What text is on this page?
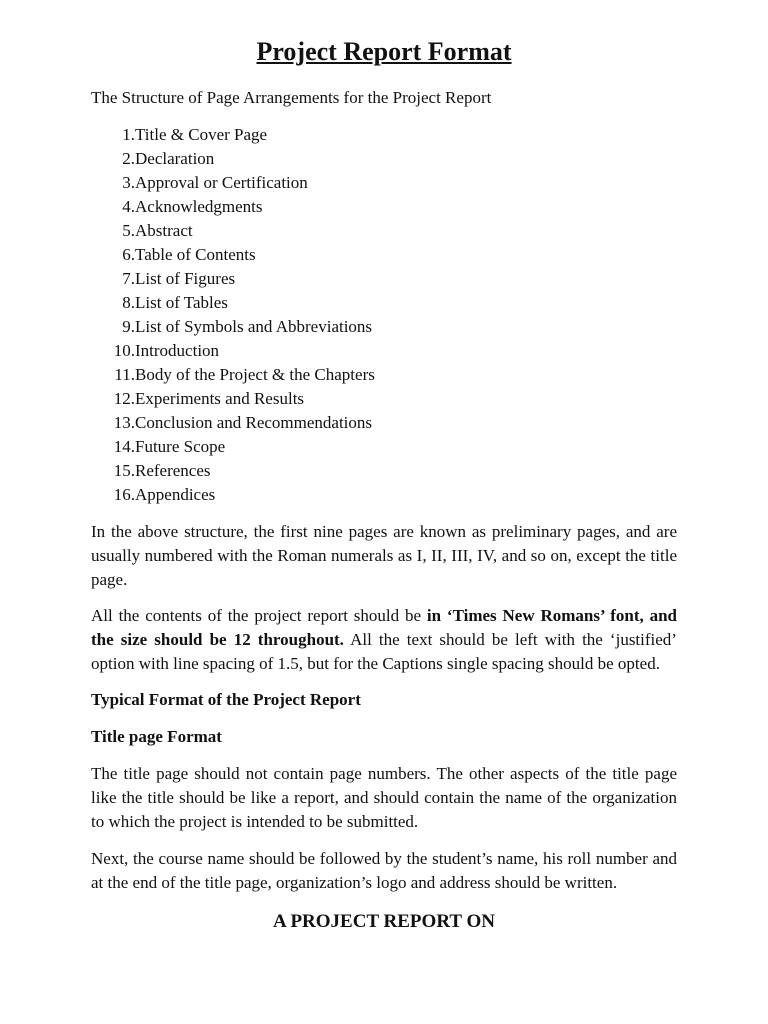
Project Report Format

The Structure of Page Arrangements for the Project Report

1. Title & Cover Page
2. Declaration
3. Approval or Certification
4. Acknowledgments
5. Abstract
6. Table of Contents
7. List of Figures
8. List of Tables
9. List of Symbols and Abbreviations
10. Introduction
11. Body of the Project & the Chapters
12. Experiments and Results
13. Conclusion and Recommendations
14. Future Scope
15. References
16. Appendices

In the above structure, the first nine pages are known as preliminary pages, and are usually numbered with the Roman numerals as I, II, III, IV, and so on, except the title page.

All the contents of the project report should be in ‘Times New Romans’ font, and the size should be 12 throughout. All the text should be left with the ‘justified’ option with line spacing of 1.5, but for the Captions single spacing should be opted.

Typical Format of the Project Report

Title page Format

The title page should not contain page numbers. The other aspects of the title page like the title should be like a report, and should contain the name of the organization to which the project is intended to be submitted.

Next, the course name should be followed by the student’s name, his roll number and at the end of the title page, organization’s logo and address should be written.

A PROJECT REPORT ON
